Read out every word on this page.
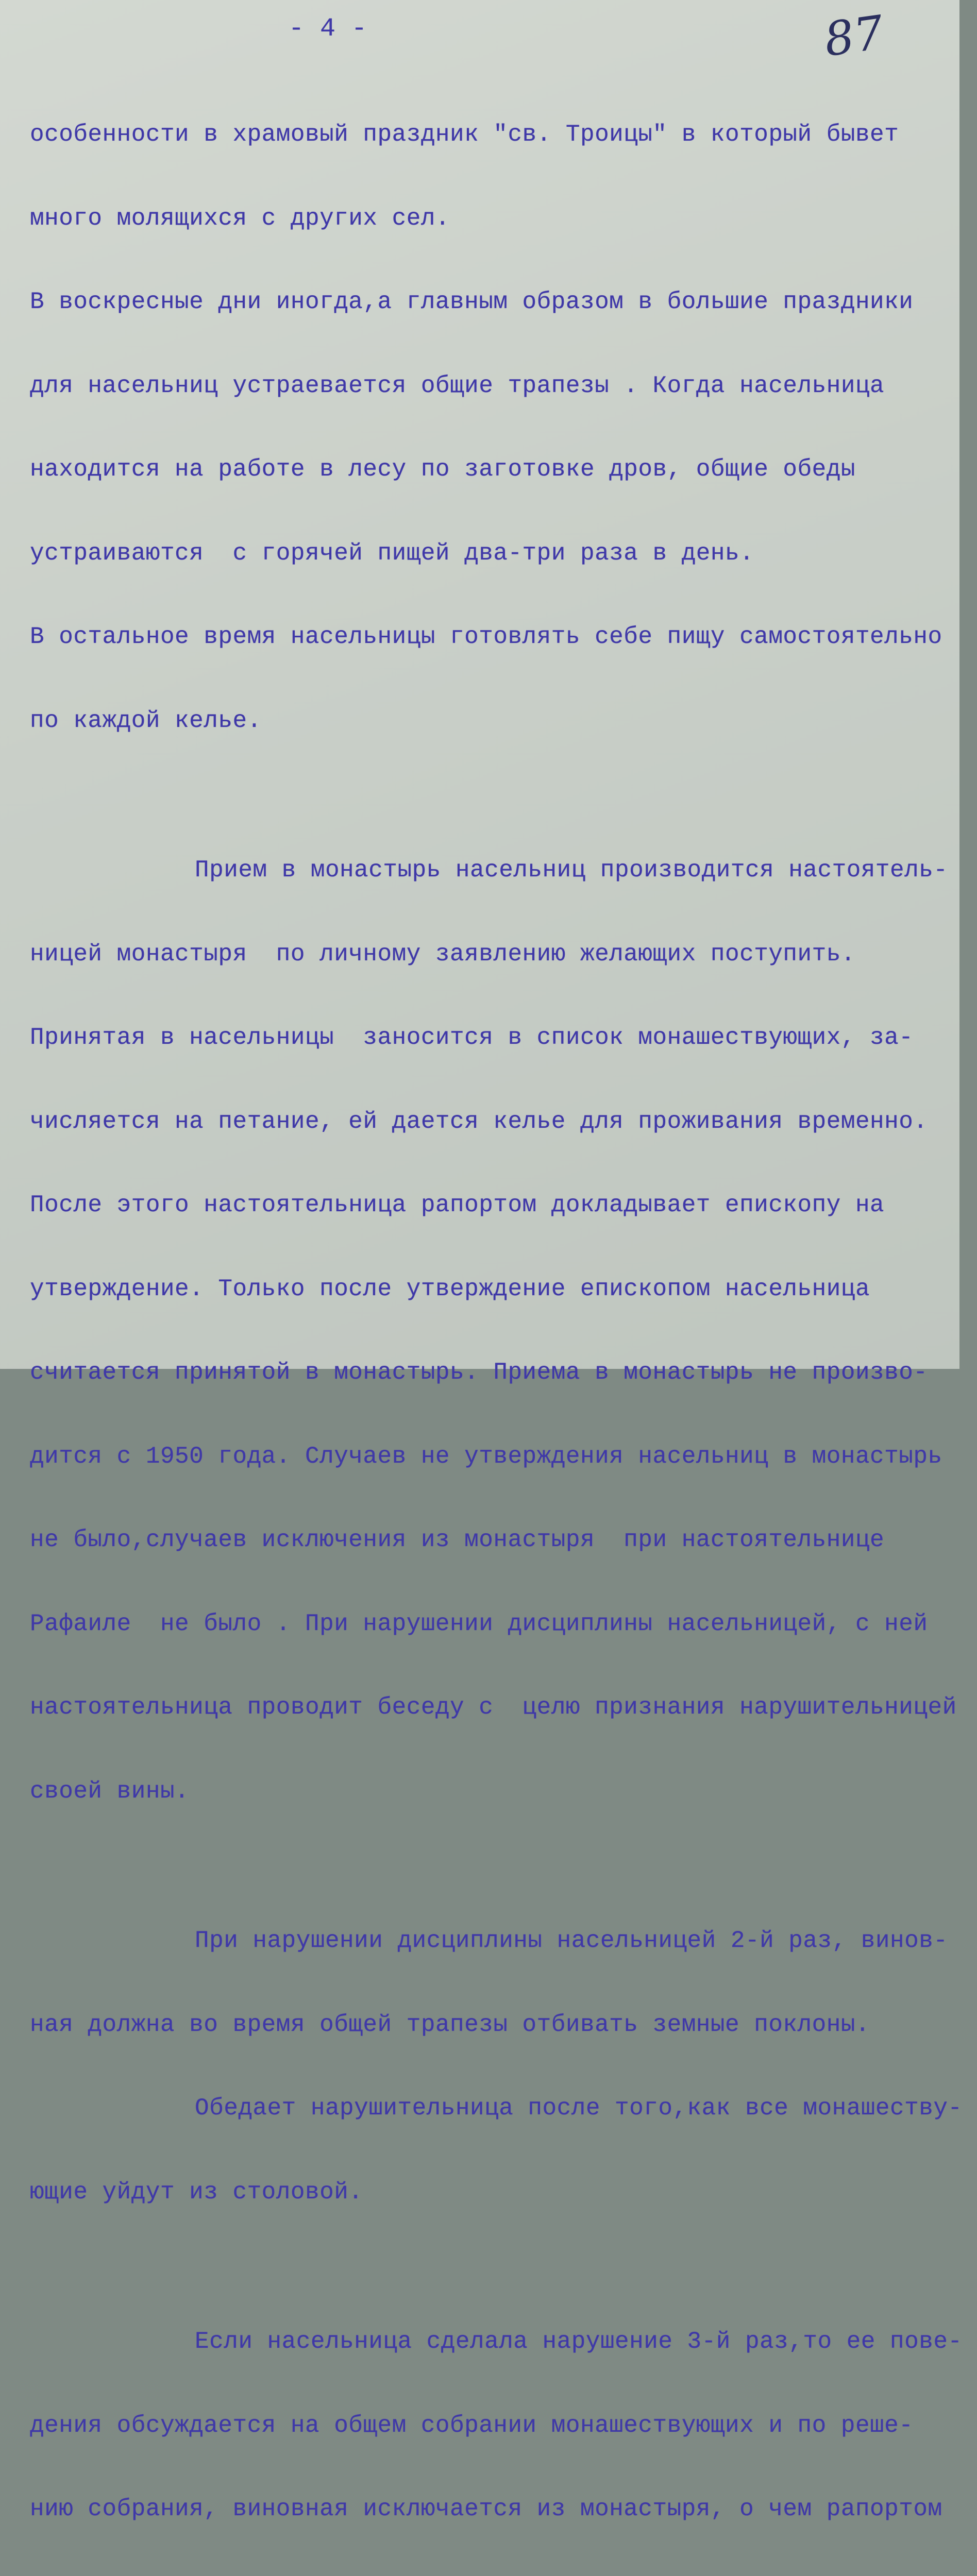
- 4 -	87

особенности в храмовый праздник "св. Троицы" в который бывет

много молящихся с других сел.

В воскресные дни иногда,а главным образом в большие праздники

для насельниц устраевается общие трапезы . Когда насельница

находится на работе в лесу по заготовке дров, общие обеды

устраиваются  с горячей пищей два-три раза в день.

В остальное время насельницы готовлять себе пищу самостоятельно

по каждой келье.

Прием в монастырь насельниц производится настоятель-

ницей монастыря  по личному заявлению желающих поступить.

Принятая в насельницы  заносится в список монашествующих, за-

числяется на петание, ей дается келье для проживания временно.

После этого настоятельница рапортом докладывает епископу на

утверждение. Только после утверждение епископом насельница

считается принятой в монастырь. Приема в монастырь не произво-

дится с 1950 года. Случаев не утверждения насельниц в монастырь

не было,случаев исключения из монастыря  при настоятельнице

Рафаиле  не было . При нарушении дисциплины насельницей, с ней

настоятельница проводит беседу с  целю признания нарушительницей

своей вины.

При нарушении дисциплины насельницей 2-й раз, винов-

ная должна во время общей трапезы отбивать земные поклоны.

Обедает нарушительница после того,как все монашеству-

ющие уйдут из столовой.

Если насельница сделала нарушение 3-й раз,то ее пове-

дения обсуждается на общем собрании монашествующих и по реше-

нию собрания, виновная исключается из монастыря, о чем рапортом
